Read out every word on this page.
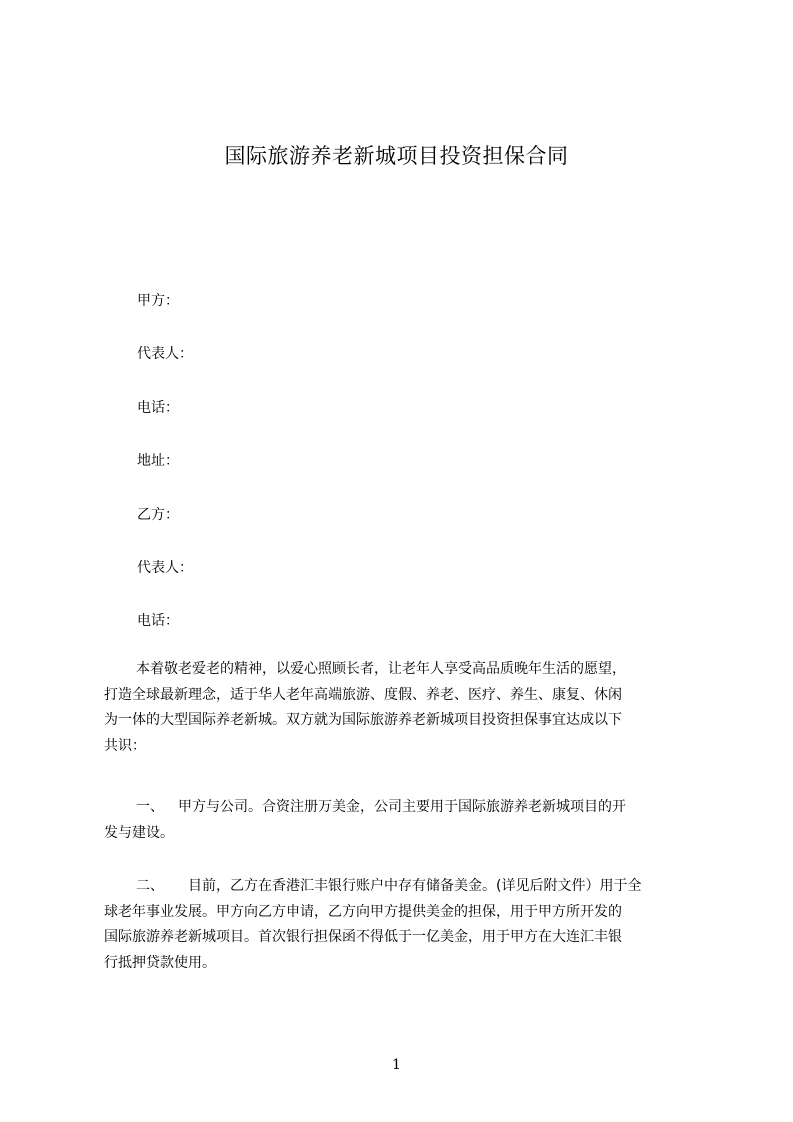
国际旅游养老新城项目投资担保合同
甲方：
代表人：
电话：
地址：
乙方：
代表人：
电话：
本着敬老爱老的精神，以爱心照顾长者，让老年人享受高品质晚年生活的愿望，
打造全球最新理念，适于华人老年高端旅游、度假、养老、医疗、养生、康复、休闲
为一体的大型国际养老新城。双方就为国际旅游养老新城项目投资担保事宜达成以下
共识：
一、 甲方与公司。合资注册万美金，公司主要用于国际旅游养老新城项目的开
发与建设。
二、 目前，乙方在香港汇丰银行账户中存有储备美金。(详见后附文件）用于全
球老年事业发展。甲方向乙方申请，乙方向甲方提供美金的担保，用于甲方所开发的
国际旅游养老新城项目。首次银行担保函不得低于一亿美金，用于甲方在大连汇丰银
行抵押贷款使用。
1
